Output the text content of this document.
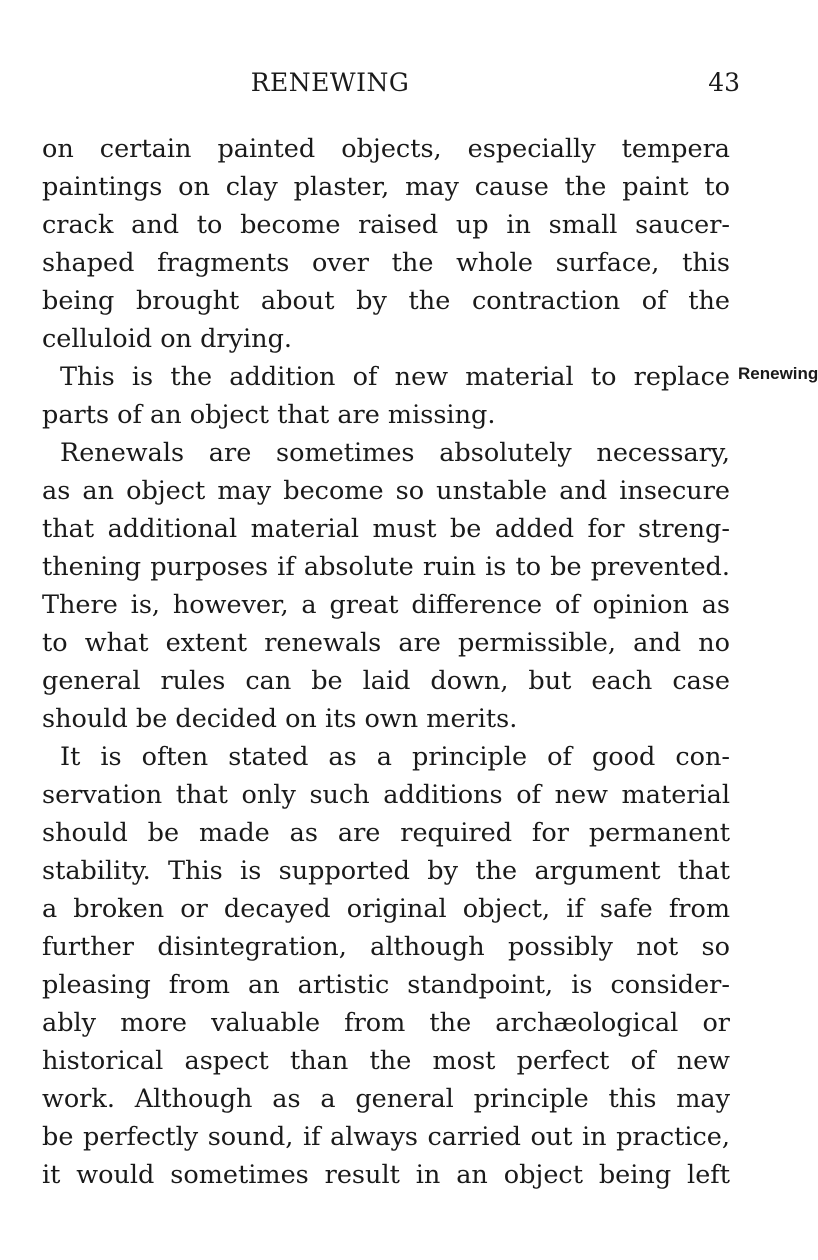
RENEWING	43
Renewing
on certain painted objects, especially tempera
paintings on clay plaster, may cause the paint to
crack and to become raised up in small saucer-
shaped fragments over the whole surface, this
being brought about by the contraction of the
celluloid on drying.
This is the addition of new material to replace
parts of an object that are missing.
Renewals are sometimes absolutely necessary,
as an object may become so unstable and insecure
that additional material must be added for streng-
thening purposes if absolute ruin is to be prevented.
There is, however, a great difference of opinion as
to what extent renewals are permissible, and no
general rules can be laid down, but each case
should be decided on its own merits.
It is often stated as a principle of good con-
servation that only such additions of new material
should be made as are required for permanent
stability. This is supported by the argument that
a broken or decayed original object, if safe from
further disintegration, although possibly not so
pleasing from an artistic standpoint, is consider-
ably more valuable from the archæological or
historical aspect than the most perfect of new
work. Although as a general principle this may
be perfectly sound, if always carried out in practice,
it would sometimes result in an object being left
